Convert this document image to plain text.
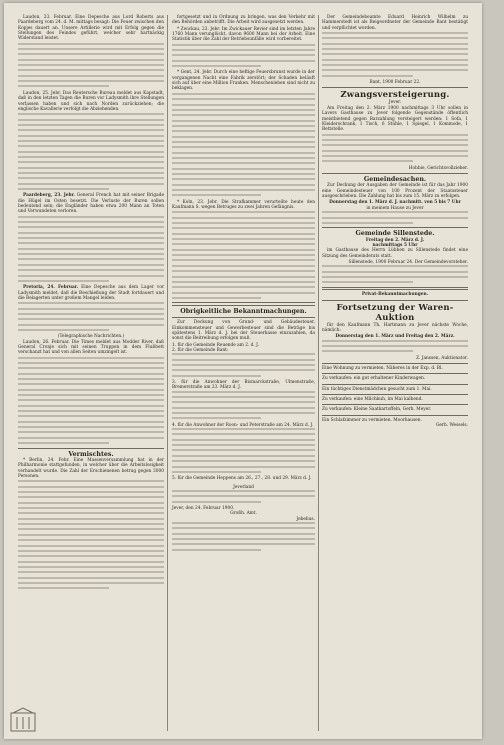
Laudon, 23. Februar. Eine Depesche aus Lord Roberts aus Paardeberg vom 24. d. M. mittags besagt: Die Feuer zwischen den Kopjes dauert an. Unsere Artillerie wird mit Erfolg gegen die Stellungen des Feindes geführt, welcher sehr hartnäckig Widerstand leistet.

Laudon, 25. Jebr. Das Reutersche Bureau meldet aus Kapstadt, daß in den letzten Tagen die Buren vor Ladysmith ihre Stellungen verlassen haben und sich nach Norden zurückziehen; die englische Kavallerie verfolgt die Abziehenden.

Paardeberg, 23. Jebr. General French hat mit seiner Brigade die Hügel im Osten besetzt. Die Verluste der Buren sollen bedeutend sein; die Engländer haben etwa 200 Mann an Toten und Verwundeten verloren.

Pretoria, 24. Februar. Eine Depesche aus dem Lager vor Ladysmith meldet, daß die Beschießung der Stadt fortdauert und die Belagerten unter großem Mangel leiden.

(Telegraphische Nachrichten.)

Laudon, 26. Februar. Die Times meldet aus Modder River, daß General Cronje sich mit seinen Truppen in dem Flußbett verschanzt hat und von allen Seiten umzingelt ist.

Vermischtes.

* Berlin, 24. Febr. Eine Massenversammlung hat in der Philharmonie stattgefunden, in welcher über die Arbeitslosigkeit verhandelt wurde. Die Zahl der Erschienenen betrug gegen 3000 Personen.

fortgesetzt und in Ordnung zu bringen, was den Verkehr mit den Behörden anbetrifft. Die Arbeit wird ausgesetzt werden.

* Zwickau, 23. Jebr. Im Zwickauer Revier sind im letzten Jahre 1760 Mann verunglückt, davon 9600 Mann bei der Arbeit. Eine Statistik über die Zahl der Betriebsunfälle wird vorbereitet.

* Gent, 24. Jebr. Durch eine heftige Feuersbrunst wurde in der vergangenen Nacht eine Fabrik zerstört; der Schaden beläuft sich auf über eine Million Franken. Menschenleben sind nicht zu beklagen.

* Koln, 23. Jebr. Die Strafkammer verurteilte heute den Kaufmann S. wegen Betruges zu zwei Jahren Gefängnis.

Obrigkeitliche Bekanntmachungen.

Zur Deckung von Grund- und Gebäudesteuer, Einkommensteuer und Gewerbesteuer sind die Beträge bis spätestens 1. März d. J. bei der Steuerkasse einzuzahlen, da sonst die Beitreibung erfolgen muß.

1. für die Gemeinde Reuende am 2. d. J.
2. für die Gemeinde Bant:
3. für die Anwohner der Bismarckstraße, Ulmenstraße, Bremerstraße am 23. März d. J.
4. für die Anwohner der Roon- und Peterstraße am 24. März d. J.
5. für die Gemeinde Heppens am 26., 27., 28. und 29. März d. J.
Jeverland
Jever, den 24. Februar 1900.
Großh. Amt.
Jebelius.

Der Gemeindebeamte Eduard Heinrich Wilhelm zu Hammerstedt ist als Beigeordneter der Gemeinde Bant bestätigt und verpflichtet worden.

Bant, 1900 Februar 22.
Zwangsversteigerung.
Jever.

Am Freitag den 2. März 1900 nachmittags 3 Uhr sollen in Lavers Gasthause zu Jever folgende Gegenstände öffentlich meistbietend gegen Barzahlung versteigert werden: 1 Sofa, 1 Kleiderschrank, 1 Tisch, 6 Stühle, 1 Spiegel, 1 Kommode, 1 Bettstelle.

Hobbie, Gerichtsvollzieher.
Gemeindesachen.

Zur Deckung der Ausgaben der Gemeinde ist für das Jahr 1900 eine Gemeindesteuer von 100 Prozent der Staatssteuer ausgeschrieben. Die Zahlung hat bis zum 15. März zu erfolgen.

Donnerstag den 1. März d. J. nachmitt. von 5 bis 7 Uhr
in meinem Hause zu Jever
Gemeinde Sillenstede.
Freitag den 2. März d. J.
nachmittags 5 Uhr

im Gasthause des Herrn Lübben zu Sillenstede findet eine Sitzung des Gemeinderats statt.

Sillenstede, 1900 Februar 24. Der Gemeindevorsteher.
Privat-Bekanntmachungen.
Fortsetzung der Waren-Auktion

für den Kaufmann Th. Hartmann zu Jever nächste Woche, nämlich:

Donnerstag den 1. März und Freitag den 2. März.
Z. Janssen, Auktionator.
Eine Wohnung zu vermieten. Näheres in der Exp. d. Bl.
Zu verkaufen: ein gut erhaltener Kinderwagen.
Ein tüchtiges Dienstmädchen gesucht zum 1. Mai.
Zu verkaufen: eine Milchkuh, im Mai kalbend.
Zu verkaufen: Kleine Saatkartoffeln, Gerh. Meyer.
Ein Schlafzimmer zu vermieten. Moorhausen.
Gerh. Wessels.
